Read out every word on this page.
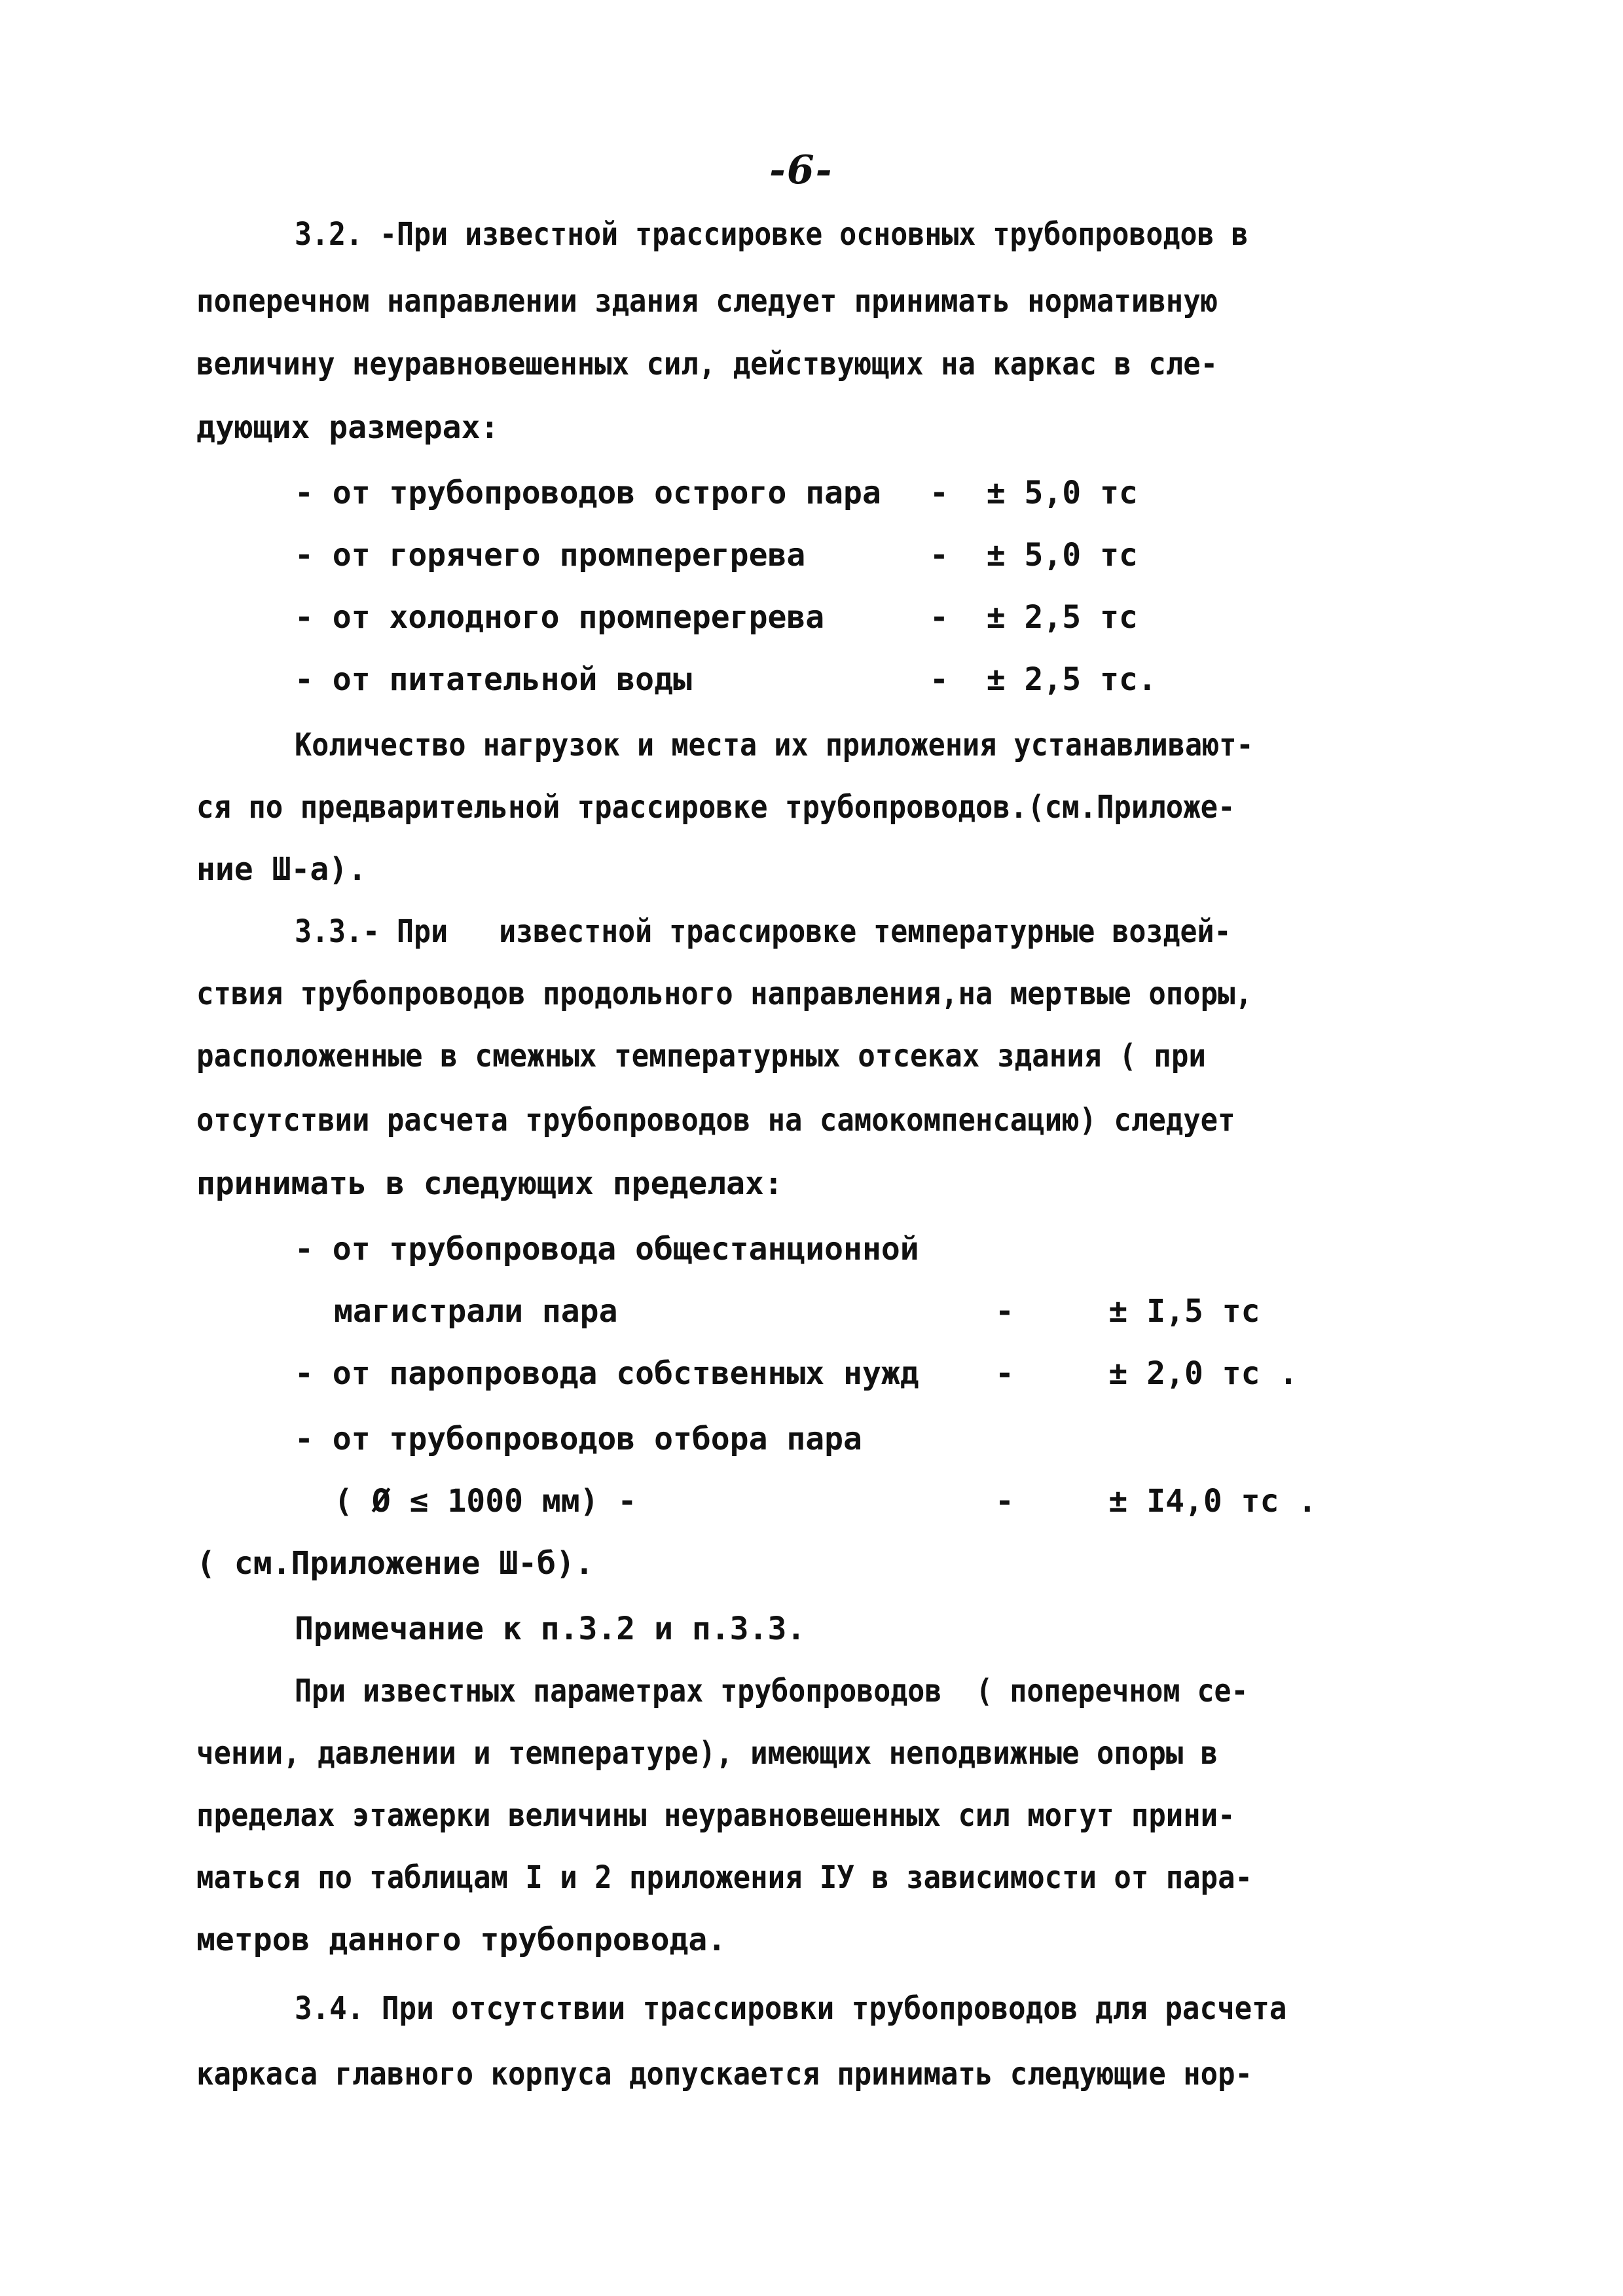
-6-
3.2. -При известной трассировке основных трубопроводов в
поперечном направлении здания следует принимать нормативную
величину неуравновешенных сил, действующих на каркас в сле-
дующих размерах:
- от трубопроводов острого пара -  ± 5,0 тс
- от горячего промперегрева	-  ± 5,0 тс
- от холодного промперегрева	-  ± 2,5 тс
- от питательной воды	-  ± 2,5 тс.
Количество нагрузок и места их приложения устанавливают-
ся по предварительной трассировке трубопроводов.(см.Приложе-
ние Ш-а).
3.3.- При   известной трассировке температурные воздей-
ствия трубопроводов продольного направления,на мертвые опоры,
расположенные в смежных температурных отсеках здания ( при
отсутствии расчета трубопроводов на самокомпенсацию) следует
принимать в следующих пределах:
- от трубопровода общестанционной
магистрали пара	-     ± I,5 тс
- от паропровода собственных нужд -     ± 2,0 тс .
- от трубопроводов отбора пара
( Ø ≤ 1000 мм) -	-     ± I4,0 тс .
( см.Приложение Ш-б).
Примечание к п.3.2 и п.3.3.
При известных параметрах трубопроводов  ( поперечном се-
чении, давлении и температуре), имеющих неподвижные опоры в
пределах этажерки величины неуравновешенных сил могут прини-
маться по таблицам I и 2 приложения IУ в зависимости от пара-
метров данного трубопровода.
3.4. При отсутствии трассировки трубопроводов для расчета
каркаса главного корпуса допускается принимать следующие нор-
